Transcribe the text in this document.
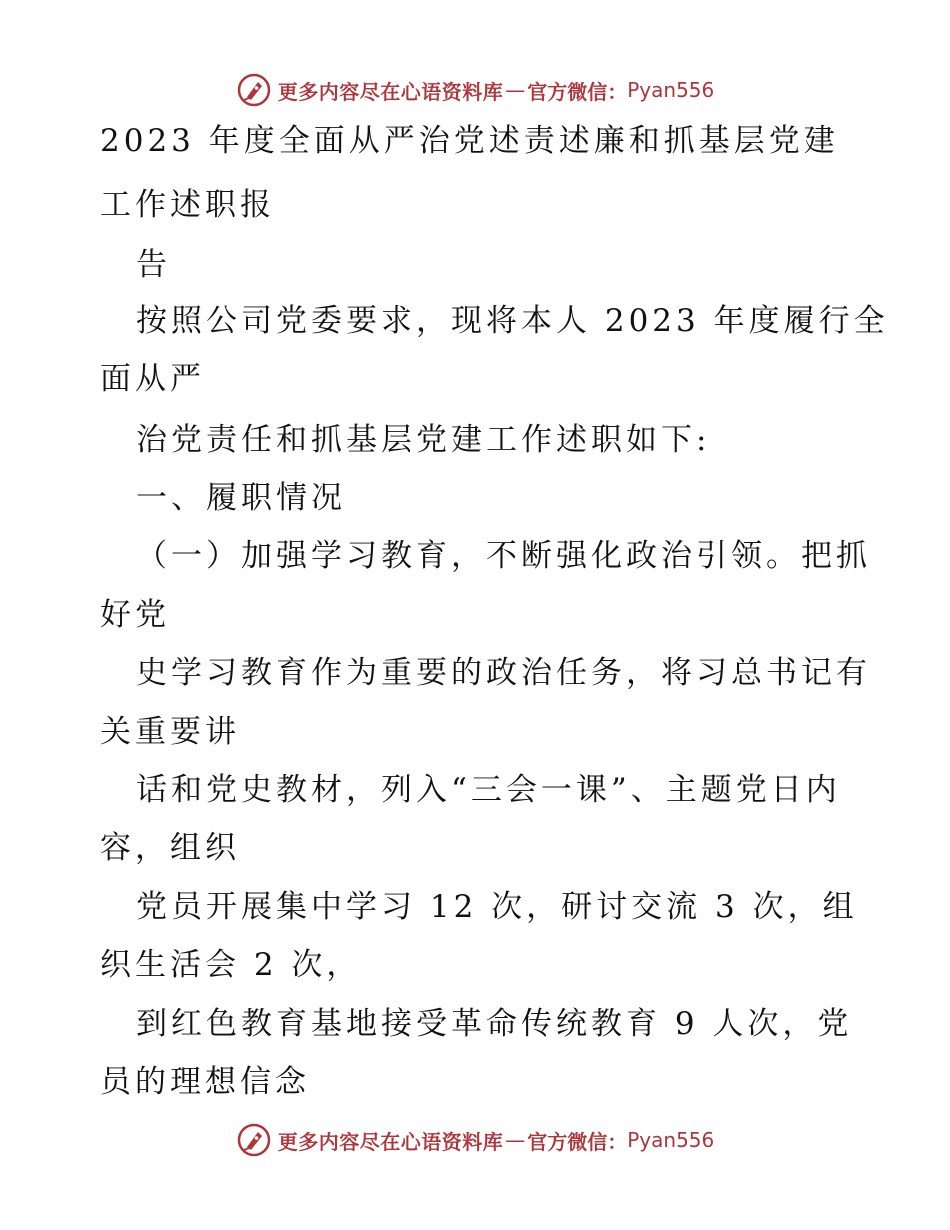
更多内容尽在心语资料库 — 官方微信： Pyan556
2023 年度全面从严治党述责述廉和抓基层党建
工作述职报
告
按照公司党委要求，现将本人 2023 年度履行全
面从严
治党责任和抓基层党建工作述职如下:
一、履职情况
（一）加强学习教育，不断强化政治引领。把抓
好党
史学习教育作为重要的政治任务，将习总书记有
关重要讲
话和党史教材，列入“三会一课”、主题党日内
容，组织
党员开展集中学习 12 次，研讨交流 3 次，组
织生活会 2 次，
到红色教育基地接受革命传统教育 9 人次，党
员的理想信念
更多内容尽在心语资料库 — 官方微信： Pyan556
